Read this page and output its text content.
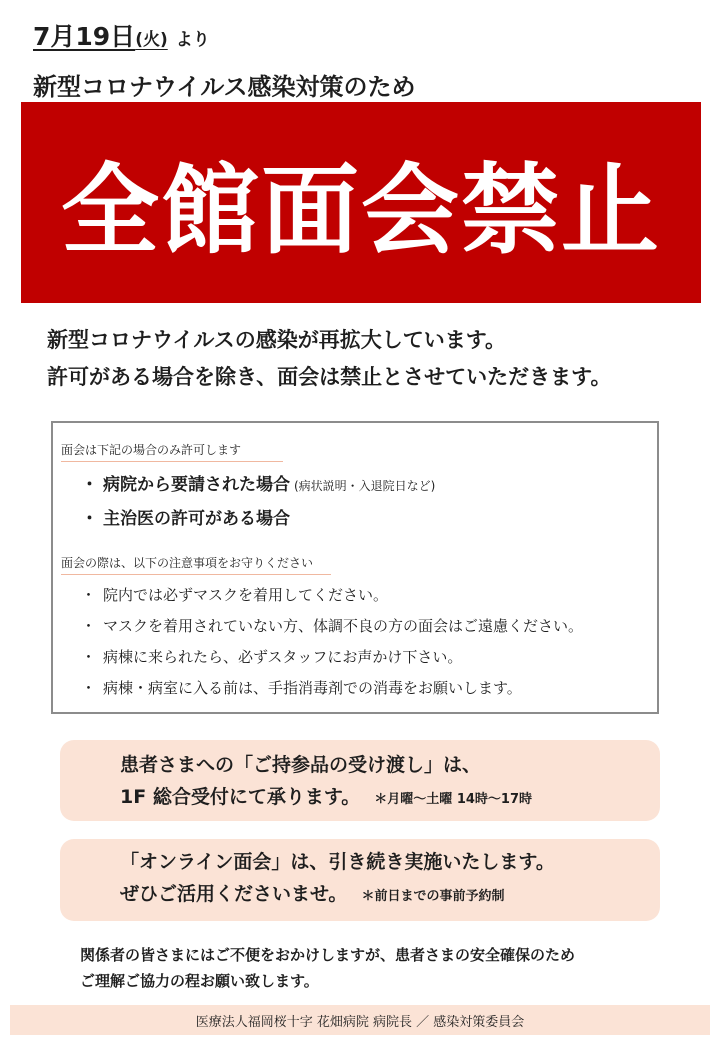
7月19日(火) より
新型コロナウイルス感染対策のため
全館面会禁止
新型コロナウイルスの感染が再拡大しています。
許可がある場合を除き、面会は禁止とさせていただきます。
面会は下記の場合のみ許可します
・ 病院から要請された場合 (病状説明・入退院日など)
・ 主治医の許可がある場合
面会の際は、以下の注意事項をお守りください
・ 院内では必ずマスクを着用してください。
・ マスクを着用されていない方、体調不良の方の面会はご遠慮ください。
・ 病棟に来られたら、必ずスタッフにお声かけ下さい。
・ 病棟・病室に入る前は、手指消毒剤での消毒をお願いします。
患者さまへの「ご持参品の受け渡し」は、
1F 総合受付にて承ります。 ＊月曜～土曜 14時～17時
「オンライン面会」は、引き続き実施いたします。
ぜひご活用くださいませ。 ＊前日までの事前予約制
関係者の皆さまにはご不便をおかけしますが、患者さまの安全確保のため
ご理解ご協力の程お願い致します。
医療法人福岡桜十字 花畑病院 病院長 ／ 感染対策委員会
